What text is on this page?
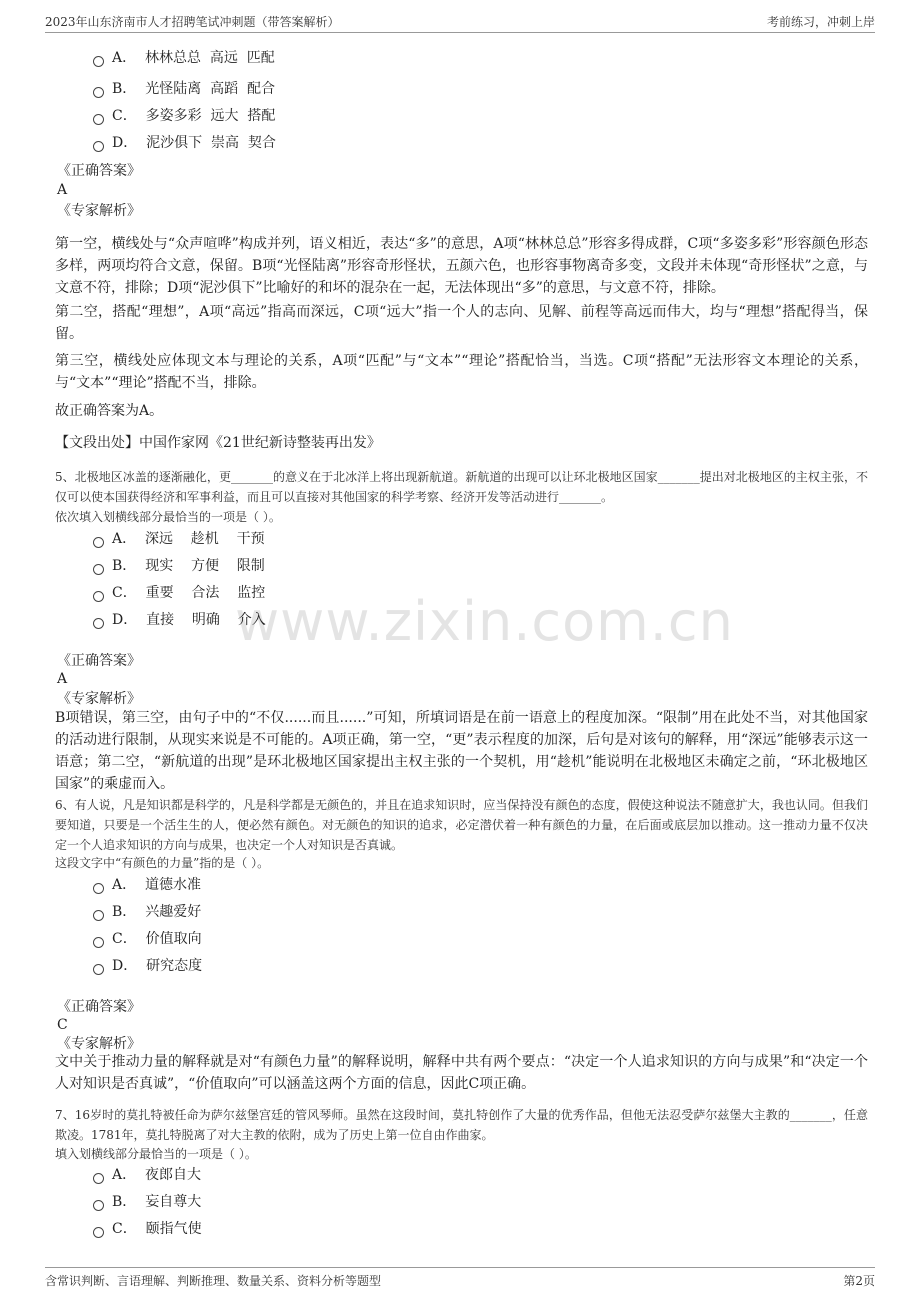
2023年山东济南市人才招聘笔试冲刺题（带答案解析）	考前练习，冲刺上岸
www.zixin.com.cn
A．  林林总总  高远  匹配
B．  光怪陆离  高蹈  配合
C．  多姿多彩  远大  搭配
D．  泥沙俱下  崇高  契合
《正确答案》
A
《专家解析》
第一空，横线处与“众声喧哗”构成并列，语义相近，表达“多”的意思，A项“林林总总”形容多得成群，C项“多姿多彩”形容颜色形态多样，两项均符合文意，保留。B项“光怪陆离”形容奇形怪状，五颜六色，也形容事物离奇多变，文段并未体现“奇形怪状”之意，与文意不符，排除；D项“泥沙俱下”比喻好的和坏的混杂在一起，无法体现出“多”的意思，与文意不符，排除。
第二空，搭配“理想”，A项“高远”指高而深远，C项“远大”指一个人的志向、见解、前程等高远而伟大，均与“理想”搭配得当，保留。
第三空，横线处应体现文本与理论的关系，A项“匹配”与“文本”“理论”搭配恰当，当选。C项“搭配”无法形容文本理论的关系，与“文本”“理论”搭配不当，排除。
故正确答案为A。
【文段出处】中国作家网《21世纪新诗整装再出发》
5、北极地区冰盖的逐渐融化，更_______的意义在于北冰洋上将出现新航道。新航道的出现可以让环北极地区国家_______提出对北极地区的主权主张，不仅可以使本国获得经济和军事利益，而且可以直接对其他国家的科学考察、经济开发等活动进行_______。
依次填入划横线部分最恰当的一项是（ ）。
A．  深远    趁机    干预
B．  现实    方便    限制
C．  重要    合法    监控
D．  直接    明确    介入
《正确答案》
A
《专家解析》
B项错误，第三空，由句子中的“不仅......而且......”可知，所填词语是在前一语意上的程度加深。“限制”用在此处不当，对其他国家的活动进行限制，从现实来说是不可能的。A项正确，第一空，“更”表示程度的加深，后句是对该句的解释，用“深远”能够表示这一语意；第二空，“新航道的出现”是环北极地区国家提出主权主张的一个契机，用“趁机”能说明在北极地区未确定之前，“环北极地区国家”的乘虚而入。
6、有人说，凡是知识都是科学的，凡是科学都是无颜色的，并且在追求知识时，应当保持没有颜色的态度，假使这种说法不随意扩大，我也认同。但我们要知道，只要是一个活生生的人，便必然有颜色。对无颜色的知识的追求，必定潜伏着一种有颜色的力量，在后面或底层加以推动。这一推动力量不仅决定一个人追求知识的方向与成果，也决定一个人对知识是否真诚。
这段文字中“有颜色的力量”指的是（ ）。
A．  道德水准
B．  兴趣爱好
C．  价值取向
D．  研究态度
《正确答案》
C
《专家解析》
文中关于推动力量的解释就是对“有颜色力量”的解释说明，解释中共有两个要点：“决定一个人追求知识的方向与成果”和“决定一个人对知识是否真诚”，“价值取向”可以涵盖这两个方面的信息，因此C项正确。
7、16岁时的莫扎特被任命为萨尔兹堡宫廷的管风琴师。虽然在这段时间，莫扎特创作了大量的优秀作品，但他无法忍受萨尔兹堡大主教的_______，任意欺凌。1781年，莫扎特脱离了对大主教的依附，成为了历史上第一位自由作曲家。
填入划横线部分最恰当的一项是（ ）。
A．  夜郎自大
B．  妄自尊大
C．  颐指气使
含常识判断、言语理解、判断推理、数量关系、资料分析等题型	第2页
